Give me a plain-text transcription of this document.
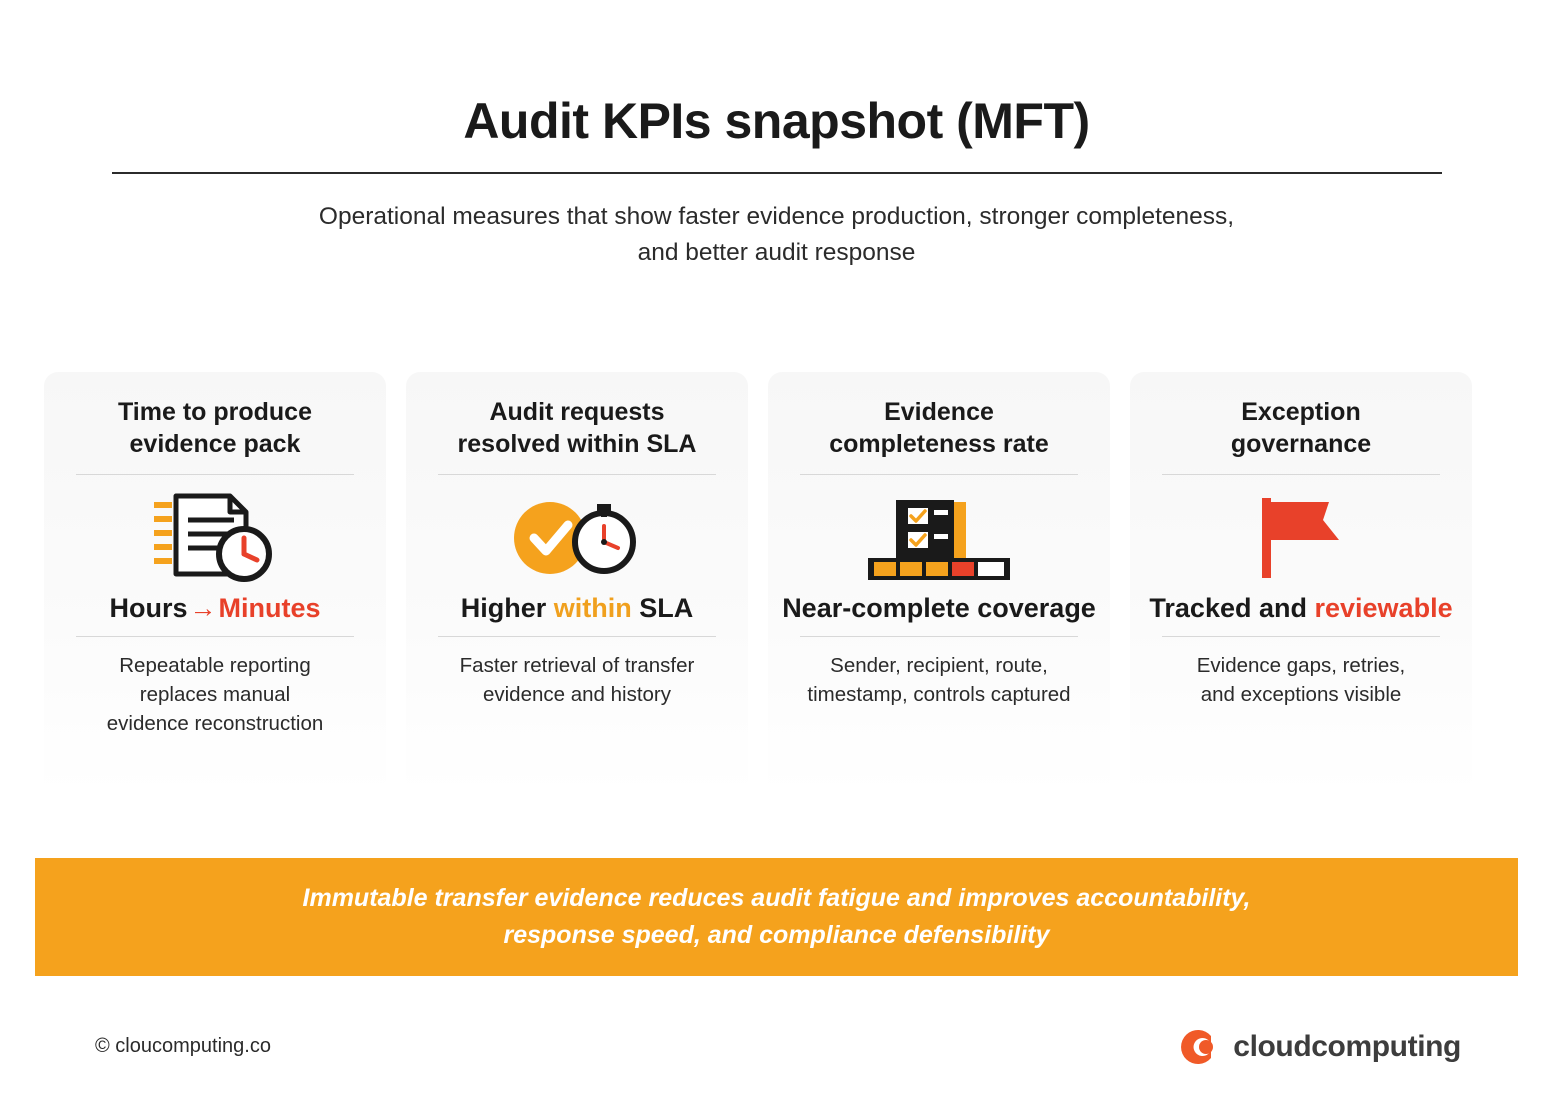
Audit KPIs snapshot (MFT)
Operational measures that show faster evidence production, stronger completeness,
and better audit response
Time to produce
evidence pack
Hours→Minutes
Repeatable reporting
replaces manual
evidence reconstruction
Audit requests
resolved within SLA
Higher within SLA
Faster retrieval of transfer
evidence and history
Evidence
completeness rate
Near-complete coverage
Sender, recipient, route,
timestamp, controls captured
Exception
governance
Tracked and reviewable
Evidence gaps, retries,
and exceptions visible
Immutable transfer evidence reduces audit fatigue and improves accountability,
response speed, and compliance defensibility
© cloucomputing.co	cloudcomputing
